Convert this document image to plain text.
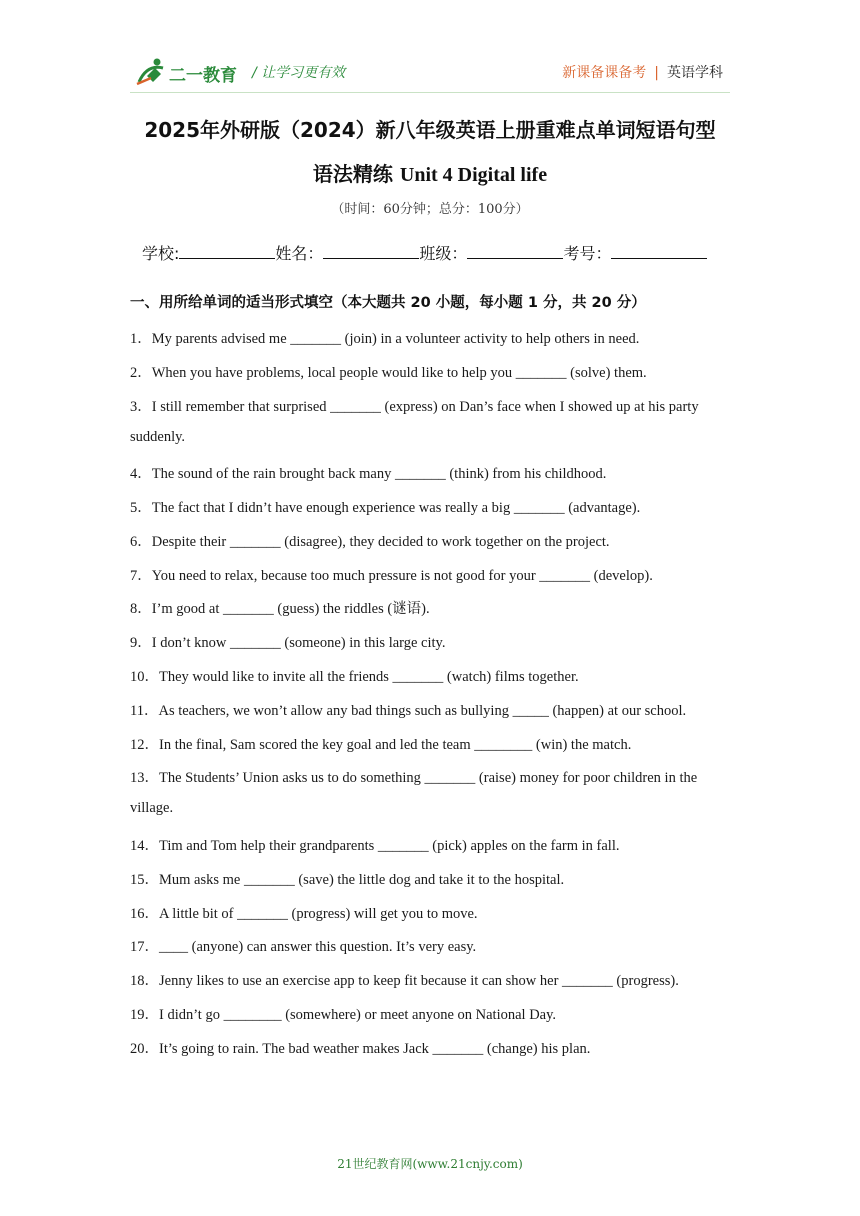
二一教育 / 让学习更有效	新课备课备考 | 英语学科
2025年外研版（2024）新八年级英语上册重难点单词短语句型
语法精练 Unit 4 Digital life
（时间：60分钟；总分：100分）
学校:	姓名：	班级：	考号：
一、用所给单词的适当形式填空（本大题共 20 小题，每小题 1 分，共 20 分）
1．My parents advised me _______ (join) in a volunteer activity to help others in need.
2．When you have problems, local people would like to help you _______ (solve) them.
3．I still remember that surprised _______ (express) on Dan’s face when I showed up at his party
suddenly.
4．The sound of the rain brought back many _______ (think) from his childhood.
5．The fact that I didn’t have enough experience was really a big _______ (advantage).
6．Despite their _______ (disagree), they decided to work together on the project.
7．You need to relax, because too much pressure is not good for your _______ (develop).
8．I’m good at _______ (guess) the riddles (谜语).
9．I don’t know _______ (someone) in this large city.
10．They would like to invite all the friends _______ (watch) films together.
11．As teachers, we won’t allow any bad things such as bullying _____ (happen) at our school.
12．In the final, Sam scored the key goal and led the team ________ (win) the match.
13．The Students’ Union asks us to do something _______ (raise) money for poor children in the
village.
14．Tim and Tom help their grandparents _______ (pick) apples on the farm in fall.
15．Mum asks me _______ (save) the little dog and take it to the hospital.
16．A little bit of _______ (progress) will get you to move.
17．____ (anyone) can answer this question. It’s very easy.
18．Jenny likes to use an exercise app to keep fit because it can show her _______ (progress).
19．I didn’t go ________ (somewhere) or meet anyone on National Day.
20．It’s going to rain. The bad weather makes Jack _______ (change) his plan.
21世纪教育网(www.21cnjy.com)
